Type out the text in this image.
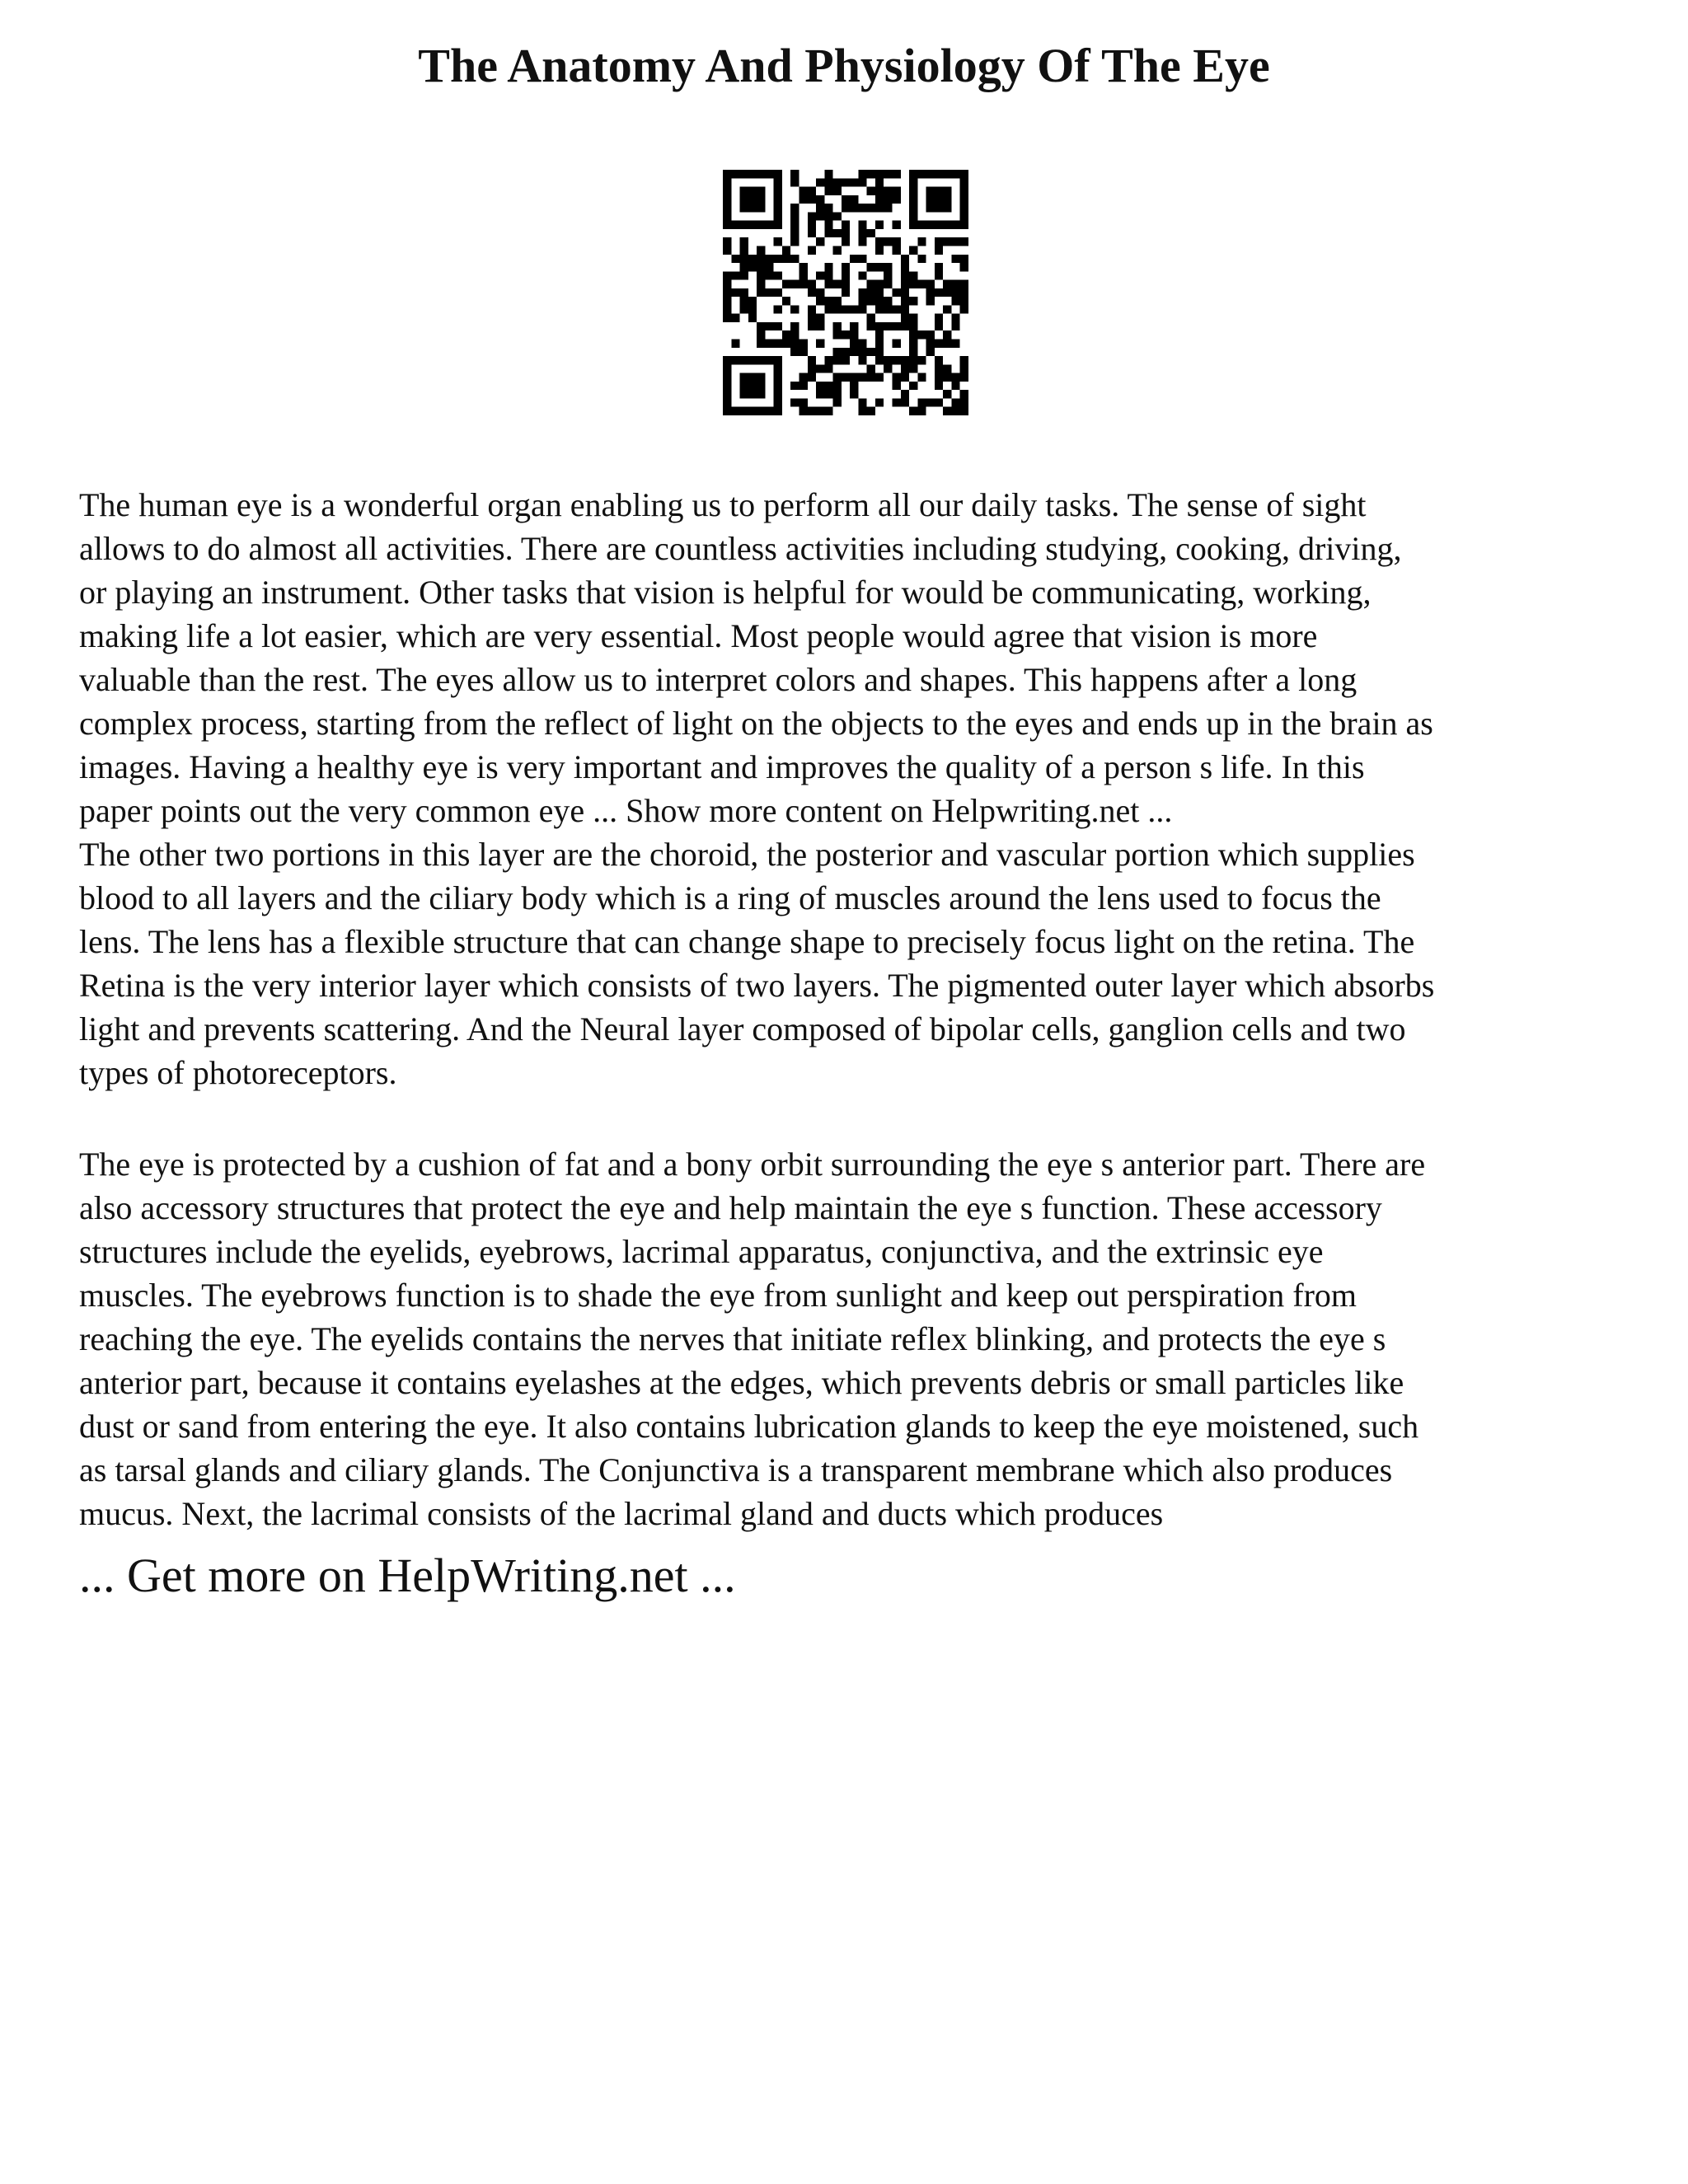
The Anatomy And Physiology Of The Eye
The human eye is a wonderful organ enabling us to perform all our daily tasks. The sense of sight
allows to do almost all activities. There are countless activities including studying, cooking, driving,
or playing an instrument. Other tasks that vision is helpful for would be communicating, working,
making life a lot easier, which are very essential. Most people would agree that vision is more
valuable than the rest. The eyes allow us to interpret colors and shapes. This happens after a long
complex process, starting from the reflect of light on the objects to the eyes and ends up in the brain as
images. Having a healthy eye is very important and improves the quality of a person s life. In this
paper points out the very common eye ... Show more content on Helpwriting.net ...
The other two portions in this layer are the choroid, the posterior and vascular portion which supplies
blood to all layers and the ciliary body which is a ring of muscles around the lens used to focus the
lens. The lens has a flexible structure that can change shape to precisely focus light on the retina. The
Retina is the very interior layer which consists of two layers. The pigmented outer layer which absorbs
light and prevents scattering. And the Neural layer composed of bipolar cells, ganglion cells and two
types of photoreceptors.
The eye is protected by a cushion of fat and a bony orbit surrounding the eye s anterior part. There are
also accessory structures that protect the eye and help maintain the eye s function. These accessory
structures include the eyelids, eyebrows, lacrimal apparatus, conjunctiva, and the extrinsic eye
muscles. The eyebrows function is to shade the eye from sunlight and keep out perspiration from
reaching the eye. The eyelids contains the nerves that initiate reflex blinking, and protects the eye s
anterior part, because it contains eyelashes at the edges, which prevents debris or small particles like
dust or sand from entering the eye. It also contains lubrication glands to keep the eye moistened, such
as tarsal glands and ciliary glands. The Conjunctiva is a transparent membrane which also produces
mucus. Next, the lacrimal consists of the lacrimal gland and ducts which produces

... Get more on HelpWriting.net ...
